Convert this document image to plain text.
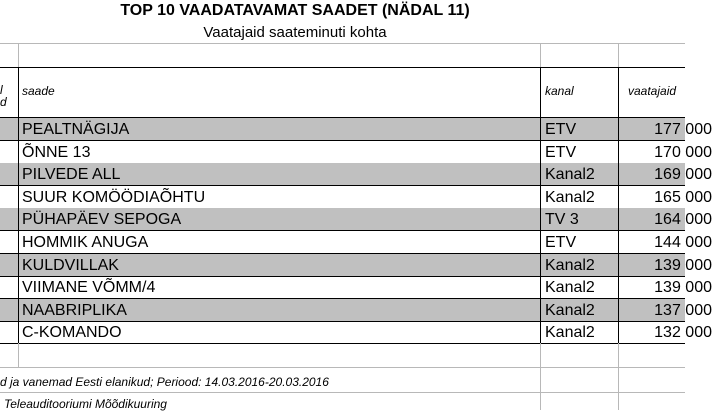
TOP 10 VAADATAVAMAT SAADET (NÄDAL 11)
Vaatajaid saateminuti kohta
l
d
saade	kanal	vaatajaid
PEALTNÄGIJA	ETV	177 000
ÕNNE 13	ETV	170 000
PILVEDE ALL	Kanal2	169 000
SUUR KOMÖÖDIAÕHTU	Kanal2	165 000
PÜHAPÄEV SEPOGA	TV 3	164 000
HOMMIK ANUGA	ETV	144 000
KULDVILLAK	Kanal2	139 000
VIIMANE VÕMM/4	Kanal2	139 000
NAABRIPLIKA	Kanal2	137 000
C-KOMANDO	Kanal2	132 000
d ja vanemad Eesti elanikud; Periood: 14.03.2016-20.03.2016
Teleauditooriumi Mõõdikuuring
